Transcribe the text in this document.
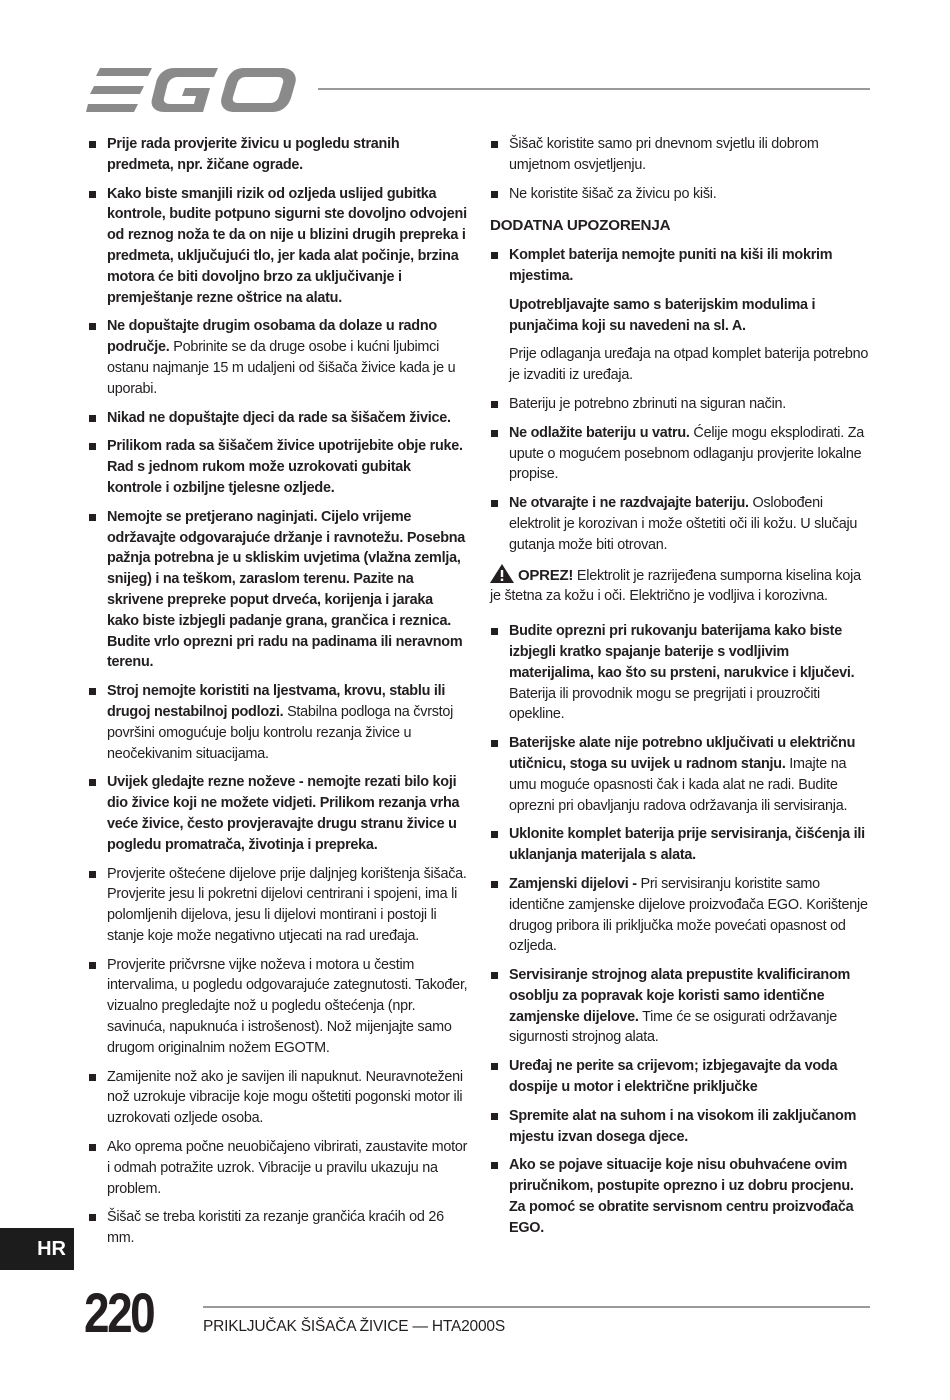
Prije rada provjerite živicu u pogledu stranih predmeta, npr. žičane ograde.
Kako biste smanjili rizik od ozljeda uslijed gubitka kontrole, budite potpuno sigurni ste dovoljno odvojeni od reznog noža te da on nije u blizini drugih prepreka i predmeta, uključujući tlo, jer kada alat počinje, brzina motora će biti dovoljno brzo za uključivanje i premještanje rezne oštrice na alatu.
Ne dopuštajte drugim osobama da dolaze u radno područje. Pobrinite se da druge osobe i kućni ljubimci ostanu najmanje 15 m udaljeni od šišača živice kada je u uporabi.
Nikad ne dopuštajte djeci da rade sa šišačem živice.
Prilikom rada sa šišačem živice upotrijebite obje ruke. Rad s jednom rukom može uzrokovati gubitak kontrole i ozbiljne tjelesne ozljede.
Nemojte se pretjerano naginjati. Cijelo vrijeme održavajte odgovarajuće držanje i ravnotežu. Posebna pažnja potrebna je u skliskim uvjetima (vlažna zemlja, snijeg) i na teškom, zaraslom terenu. Pazite na skrivene prepreke poput drveća, korijenja i jaraka kako biste izbjegli padanje grana, grančica i reznica. Budite vrlo oprezni pri radu na padinama ili neravnom terenu.
Stroj nemojte koristiti na ljestvama, krovu, stablu ili drugoj nestabilnoj podlozi. Stabilna podloga na čvrstoj površini omogućuje bolju kontrolu rezanja živice u neočekivanim situacijama.
Uvijek gledajte rezne noževe - nemojte rezati bilo koji dio živice koji ne možete vidjeti. Prilikom rezanja vrha veće živice, često provjeravajte drugu stranu živice u pogledu promatrača, životinja i prepreka.
Provjerite oštećene dijelove prije daljnjeg korištenja šišača. Provjerite jesu li pokretni dijelovi centrirani i spojeni, ima li polomljenih dijelova, jesu li dijelovi montirani i postoji li stanje koje može negativno utjecati na rad uređaja.
Provjerite pričvrsne vijke noževa i motora u čestim intervalima, u pogledu odgovarajuće zategnutosti. Također, vizualno pregledajte nož u pogledu oštećenja (npr. savinuća, napuknuća i istrošenost). Nož mijenjajte samo drugom originalnim nožem EGOTM.
Zamijenite nož ako je savijen ili napuknut. Neuravnoteženi nož uzrokuje vibracije koje mogu oštetiti pogonski motor ili uzrokovati ozljede osoba.
Ako oprema počne neuobičajeno vibrirati, zaustavite motor i odmah potražite uzrok. Vibracije u pravilu ukazuju na problem.
Šišač se treba koristiti za rezanje grančića kraćih od 26 mm.
Šišač koristite samo pri dnevnom svjetlu ili dobrom umjetnom osvjetljenju.
Ne koristite šišač za živicu po kiši.
DODATNA UPOZORENJA
Komplet baterija nemojte puniti na kiši ili mokrim mjestima.
Upotrebljavajte samo s baterijskim modulima i punjačima koji su navedeni na sl. A.
Prije odlaganja uređaja na otpad komplet baterija potrebno je izvaditi iz uređaja.
Bateriju je potrebno zbrinuti na siguran način.
Ne odlažite bateriju u vatru. Ćelije mogu eksplodirati. Za upute o mogućem posebnom odlaganju provjerite lokalne propise.
Ne otvarajte i ne razdvajajte bateriju. Oslobođeni elektrolit je korozivan i može oštetiti oči ili kožu. U slučaju gutanja može biti otrovan.
OPREZ! Elektrolit je razrijeđena sumporna kiselina koja je štetna za kožu i oči. Električno je vodljiva i korozivna.
Budite oprezni pri rukovanju baterijama kako biste izbjegli kratko spajanje baterije s vodljivim materijalima, kao što su prsteni, narukvice i ključevi. Baterija ili provodnik mogu se pregrijati i prouzročiti opekline.
Baterijske alate nije potrebno uključivati u električnu utičnicu, stoga su uvijek u radnom stanju. Imajte na umu moguće opasnosti čak i kada alat ne radi. Budite oprezni pri obavljanju radova održavanja ili servisiranja.
Uklonite komplet baterija prije servisiranja, čišćenja ili uklanjanja materijala s alata.
Zamjenski dijelovi - Pri servisiranju koristite samo identične zamjenske dijelove proizvođača EGO. Korištenje drugog pribora ili priključka može povećati opasnost od ozljeda.
Servisiranje strojnog alata prepustite kvalificiranom osoblju za popravak koje koristi samo identične zamjenske dijelove. Time će se osigurati održavanje sigurnosti strojnog alata.
Uređaj ne perite sa crijevom; izbjegavajte da voda dospije u motor i električne priključke
Spremite alat na suhom i na visokom ili zaključanom mjestu izvan dosega djece.
Ako se pojave situacije koje nisu obuhvaćene ovim priručnikom, postupite oprezno i uz dobru procjenu. Za pomoć se obratite servisnom centru proizvođača EGO.
HR
220	PRIKLJUČAK ŠIŠAČA ŽIVICE — HTA2000S
